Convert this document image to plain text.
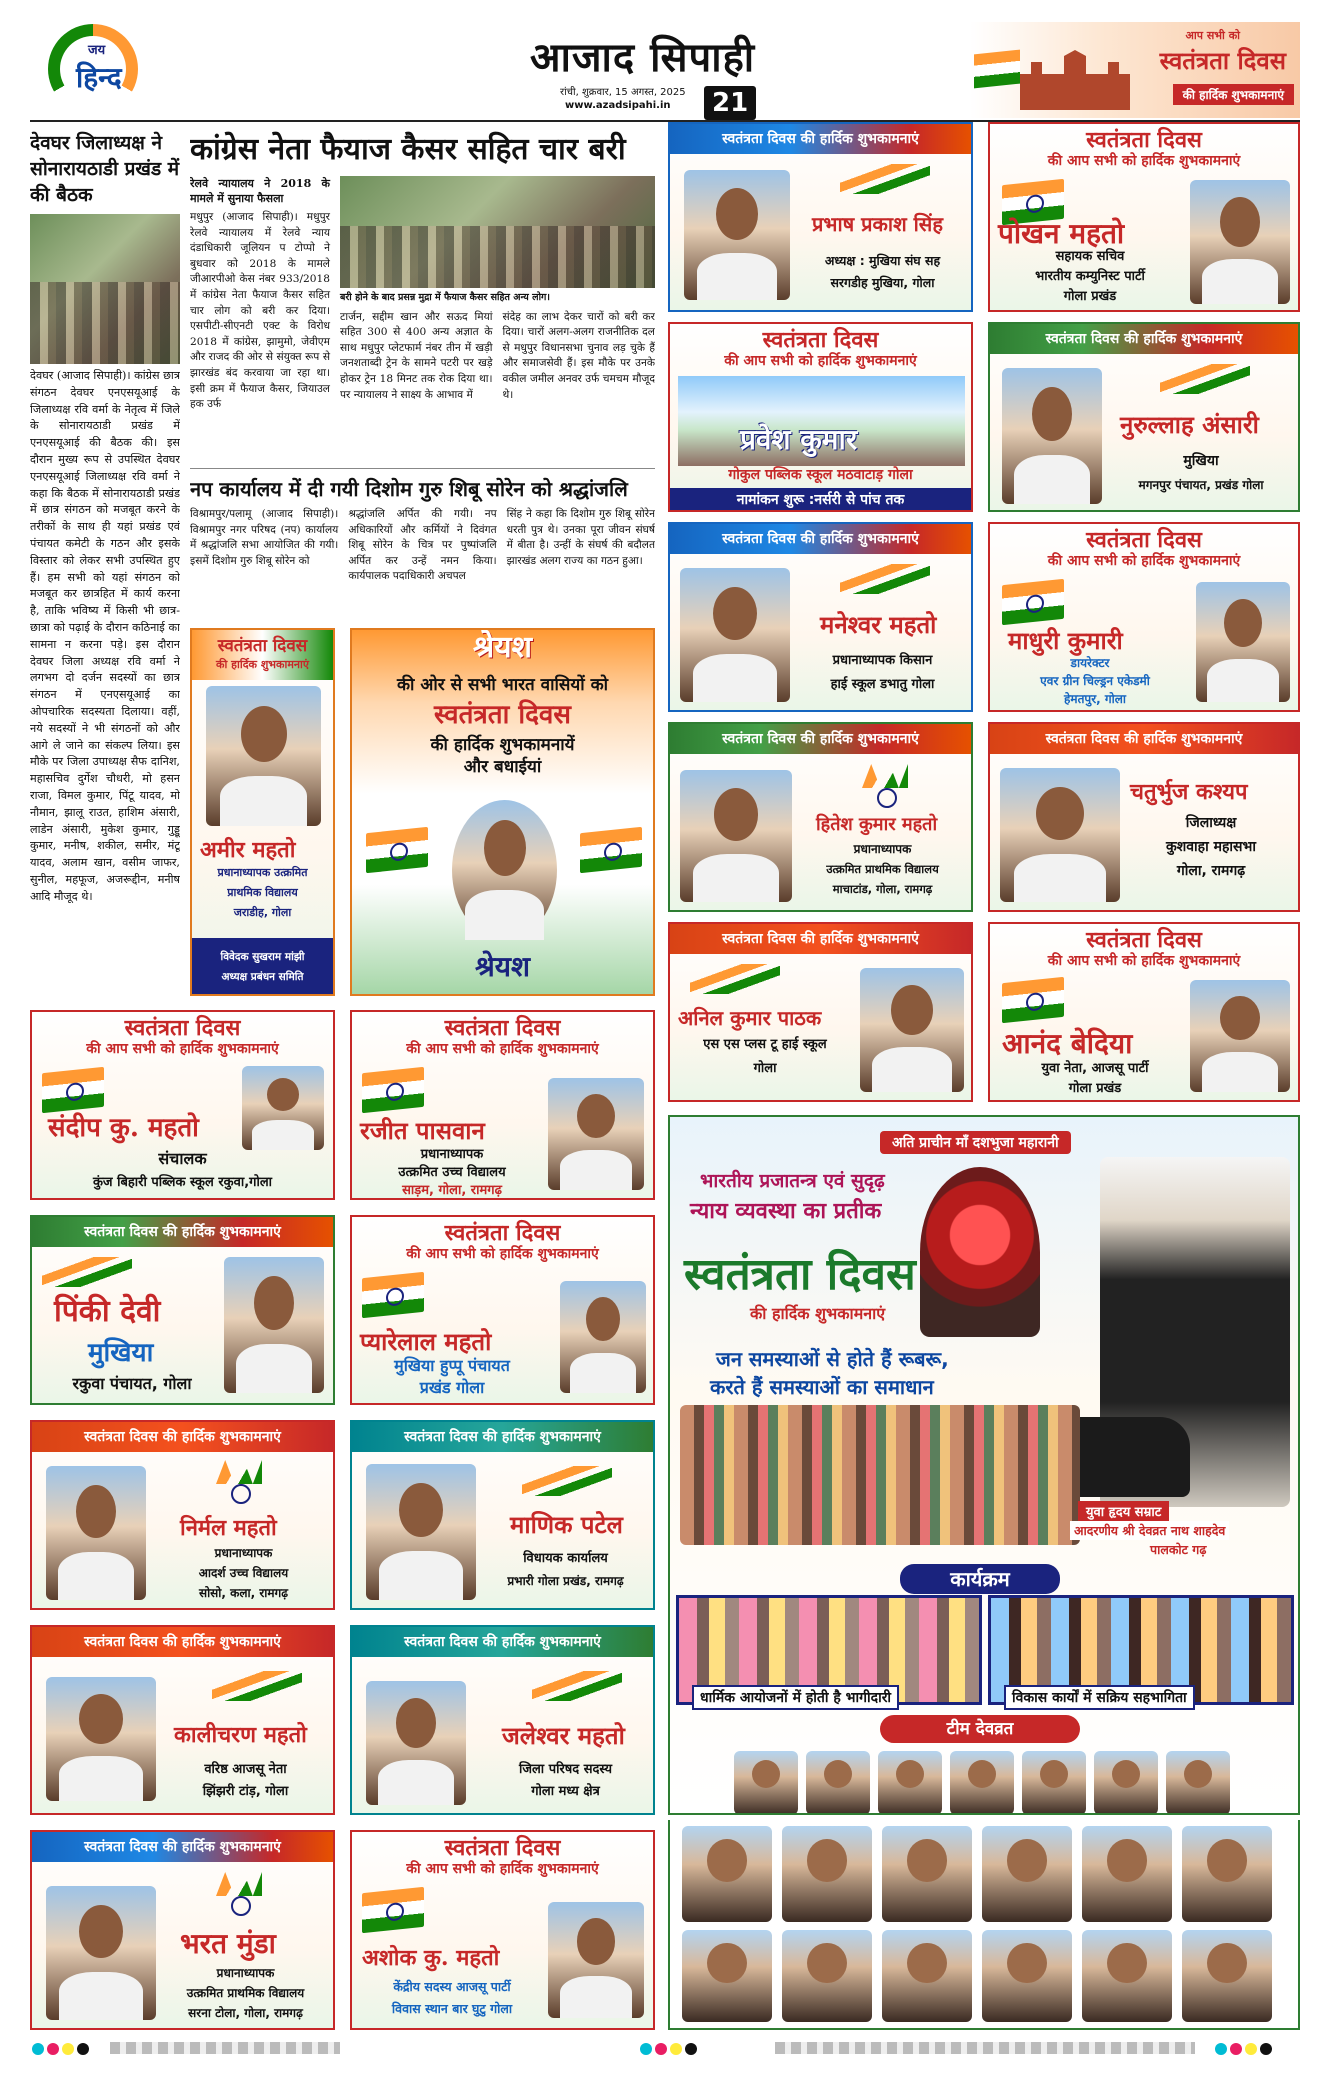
जय
हिन्द	आजाद सिपाही
रांची, शुक्रवार, 15 अगस्त, 2025
www.azadsipahi.in	21
आप सभी को
स्वतंत्रता दिवस
की हार्दिक शुभकामनाएं
देवघर जिलाध्यक्ष ने सोनारायठाडी प्रखंड में की बैठक

देवघर (आजाद सिपाही)। कांग्रेस छात्र संगठन देवघर एनएसयूआई के जिलाध्यक्ष रवि वर्मा के नेतृत्व में जिले के सोनारायठाडी प्रखंड में एनएसयूआई की बैठक की। इस दौरान मुख्य रूप से उपस्थित देवघर एनएसयूआई जिलाध्यक्ष रवि वर्मा ने कहा कि बैठक में सोनारायठाडी प्रखंड में छात्र संगठन को मजबूत करने के तरीकों के साथ ही यहां प्रखंड एवं पंचायत कमेटी के गठन और इसके विस्तार को लेकर सभी उपस्थित हुए हैं। हम सभी को यहां संगठन को मजबूत कर छात्रहित में कार्य करना है, ताकि भविष्य में किसी भी छात्र-छात्रा को पढ़ाई के दौरान कठिनाई का सामना न करना पड़े। इस दौरान देवघर जिला अध्यक्ष रवि वर्मा ने लगभग दो दर्जन सदस्यों का छात्र संगठन में एनएसयूआई का ओपचारिक सदस्यता दिलाया। वहीं, नये सदस्यों ने भी संगठनों को और आगे ले जाने का संकल्प लिया। इस मौके पर जिला उपाध्यक्ष सैफ दानिश, महासचिव दुर्गेश चौधरी, मो हसन राजा, विमल कुमार, पिंटू यादव, मो नौमान, झालू राउत, हाशिम अंसारी, लाडेन अंसारी, मुकेश कुमार, गुड्डू कुमार, मनीष, शकील, समीर, मंटू यादव, अलाम खान, वसीम जाफर, सुनील, महफूज, अजरूद्दीन, मनीष आदि मौजूद थे।

कांग्रेस नेता फैयाज कैसर सहित चार बरी
रेलवे न्यायालय ने 2018 के मामले में सुनाया फैसला
मधुपुर (आजाद सिपाही)। मधुपुर रेलवे न्यायालय में रेलवे न्याय दंडाधिकारी जूलियन प टोप्पो ने बुधवार को 2018 के मामले जीआरपीओ केस नंबर 933/2018 में कांग्रेस नेता फैयाज कैसर सहित चार लोग को बरी कर दिया। एसपीटी-सीएनटी एक्ट के विरोध 2018 में कांग्रेस, झामुमो, जेवीएम और राजद की ओर से संयुक्त रूप से झारखंड बंद करवाया जा रहा था। इसी क्रम में फैयाज कैसर, जियाउल हक उर्फ
बरी होने के बाद प्रसन्न मुद्रा में फैयाज कैसर सहित अन्य लोग।
टार्जन, सद्दीम खान और सऊद मियां सहित 300 से 400 अन्य अज्ञात के साथ मधुपुर प्लेटफार्म नंबर तीन में खड़ी जनशताब्दी ट्रेन के सामने पटरी पर खड़े होकर ट्रेन 18 मिनट तक रोक दिया था। पर न्यायालय ने साक्ष्य के आभाव में
संदेह का लाभ देकर चारों को बरी कर दिया। चारों अलग-अलग राजनीतिक दल से मधुपुर विधानसभा चुनाव लड़ चुके हैं और समाजसेवी हैं। इस मौके पर उनके वकील जमील अनवर उर्फ चमचम मौजूद थे।
नप कार्यालय में दी गयी दिशोम गुरु शिबू सोरेन को श्रद्धांजलि
विश्रामपुर/पलामू (आजाद सिपाही)। विश्रामपुर नगर परिषद (नप) कार्यालय में श्रद्धांजलि सभा आयोजित की गयी। इसमें दिशोम गुरु शिबू सोरेन को
श्रद्धांजलि अर्पित की गयी। नप अधिकारियों और कर्मियों ने दिवंगत शिबू सोरेन के चित्र पर पुष्पांजलि अर्पित कर उन्हें नमन किया। कार्यपालक पदाधिकारी अचपल
सिंह ने कहा कि दिशोम गुरु शिबू सोरेन धरती पुत्र थे। उनका पूरा जीवन संघर्ष में बीता है। उन्हीं के संघर्ष की बदौलत झारखंड अलग राज्य का गठन हुआ।
स्वतंत्रता दिवस
की हार्दिक शुभकामनाएं
अमीर महतो
प्रधानाध्यापक उत्क्रमित
प्राथमिक विद्यालय
जराडीह, गोला
विवेदक सुखराम मांझी
अध्यक्ष प्रबंधन समिति
श्रेयश
की ओर से सभी भारत वासियों को
स्वतंत्रता दिवस
की हार्दिक शुभकामनायें
और बधाईयां
श्रेयश
स्वतंत्रता दिवस
की आप सभी को हार्दिक शुभकामनाएं
संदीप कु. महतो
संचालक
कुंज बिहारी पब्लिक स्कूल रकुवा,गोला
स्वतंत्रता दिवस
की आप सभी को हार्दिक शुभकामनाएं
रजीत पासवान
प्रधानाध्यापक
उत्क्रमित उच्च विद्यालय
साड़म, गोला, रामगढ़
स्वतंत्रता दिवस की हार्दिक शुभकामनाएं
पिंकी देवी
मुखिया
रकुवा पंचायत, गोला
स्वतंत्रता दिवस
की आप सभी को हार्दिक शुभकामनाएं
प्यारेलाल महतो
मुखिया हुप्पू पंचायत
प्रखंड गोला
स्वतंत्रता दिवस की हार्दिक शुभकामनाएं
निर्मल महतो
प्रधानाध्यापक
आदर्श उच्च विद्यालय
सोसो, कला, रामगढ़
स्वतंत्रता दिवस की हार्दिक शुभकामनाएं
माणिक पटेल
विधायक कार्यालय
प्रभारी गोला प्रखंड, रामगढ़
स्वतंत्रता दिवस की हार्दिक शुभकामनाएं
कालीचरण महतो
वरिष्ठ आजसू नेता
झिंझरी टांड़, गोला
स्वतंत्रता दिवस की हार्दिक शुभकामनाएं
जलेश्वर महतो
जिला परिषद सदस्य
गोला मध्य क्षेत्र
स्वतंत्रता दिवस की हार्दिक शुभकामनाएं
भरत मुंडा
प्रधानाध्यापक
उत्क्रमित प्राथमिक विद्यालय
सरना टोला, गोला, रामगढ़
स्वतंत्रता दिवस
की आप सभी को हार्दिक शुभकामनाएं
अशोक कु. महतो
केंद्रीय सदस्य आजसू पार्टी
विवास स्थान बार घुटु गोला
स्वतंत्रता दिवस की हार्दिक शुभकामनाएं
प्रभाष प्रकाश सिंह
अध्यक्ष : मुखिया संघ सह
सरगडीह मुखिया, गोला
स्वतंत्रता दिवस
की आप सभी को हार्दिक शुभकामनाएं
पोखन महतो
सहायक सचिव
भारतीय कम्युनिस्ट पार्टी
गोला प्रखंड
स्वतंत्रता दिवस
की आप सभी को हार्दिक शुभकामनाएं
प्रवेश कुमार
गोकुल पब्लिक स्कूल मठवाटाड़ गोला
नामांकन शुरू :नर्सरी से पांच तक
स्वतंत्रता दिवस की हार्दिक शुभकामनाएं
नुरुल्लाह अंसारी
मुखिया
मगनपुर पंचायत, प्रखंड गोला
स्वतंत्रता दिवस की हार्दिक शुभकामनाएं
मनेश्वर महतो
प्रधानाध्यापक किसान
हाई स्कूल डभातु गोला
स्वतंत्रता दिवस
की आप सभी को हार्दिक शुभकामनाएं
माधुरी कुमारी
डायरेक्टर
एवर ग्रीन चिल्ड्रन एकेडमी
हेमतपुर, गोला
स्वतंत्रता दिवस की हार्दिक शुभकामनाएं
हितेश कुमार महतो
प्रधानाध्यापक
उत्क्रमित प्राथमिक विद्यालय
माचाटांड, गोला, रामगढ़
स्वतंत्रता दिवस की हार्दिक शुभकामनाएं
चतुर्भुज कश्यप
जिलाध्यक्ष
कुशवाहा महासभा
गोला, रामगढ़
स्वतंत्रता दिवस की हार्दिक शुभकामनाएं
अनिल कुमार पाठक
एस एस प्लस टू हाई स्कूल
गोला
स्वतंत्रता दिवस
की आप सभी को हार्दिक शुभकामनाएं
आनंद बेदिया
युवा नेता, आजसू पार्टी
गोला प्रखंड
अति प्राचीन माँ दशभुजा महारानी
भारतीय प्रजातन्त्र एवं सुदृढ़
न्याय व्यवस्था का प्रतीक
स्वतंत्रता दिवस
की हार्दिक शुभकामनाएं
जन समस्याओं से होते हैं रूबरू,
करते हैं समस्याओं का समाधान
युवा हृदय सम्राट
आदरणीय श्री देवव्रत नाथ शाहदेव
पालकोट गढ़
कार्यक्रम
धार्मिक आयोजनों में होती है भागीदारी	विकास कार्यों में सक्रिय सहभागिता
टीम देवव्रत
